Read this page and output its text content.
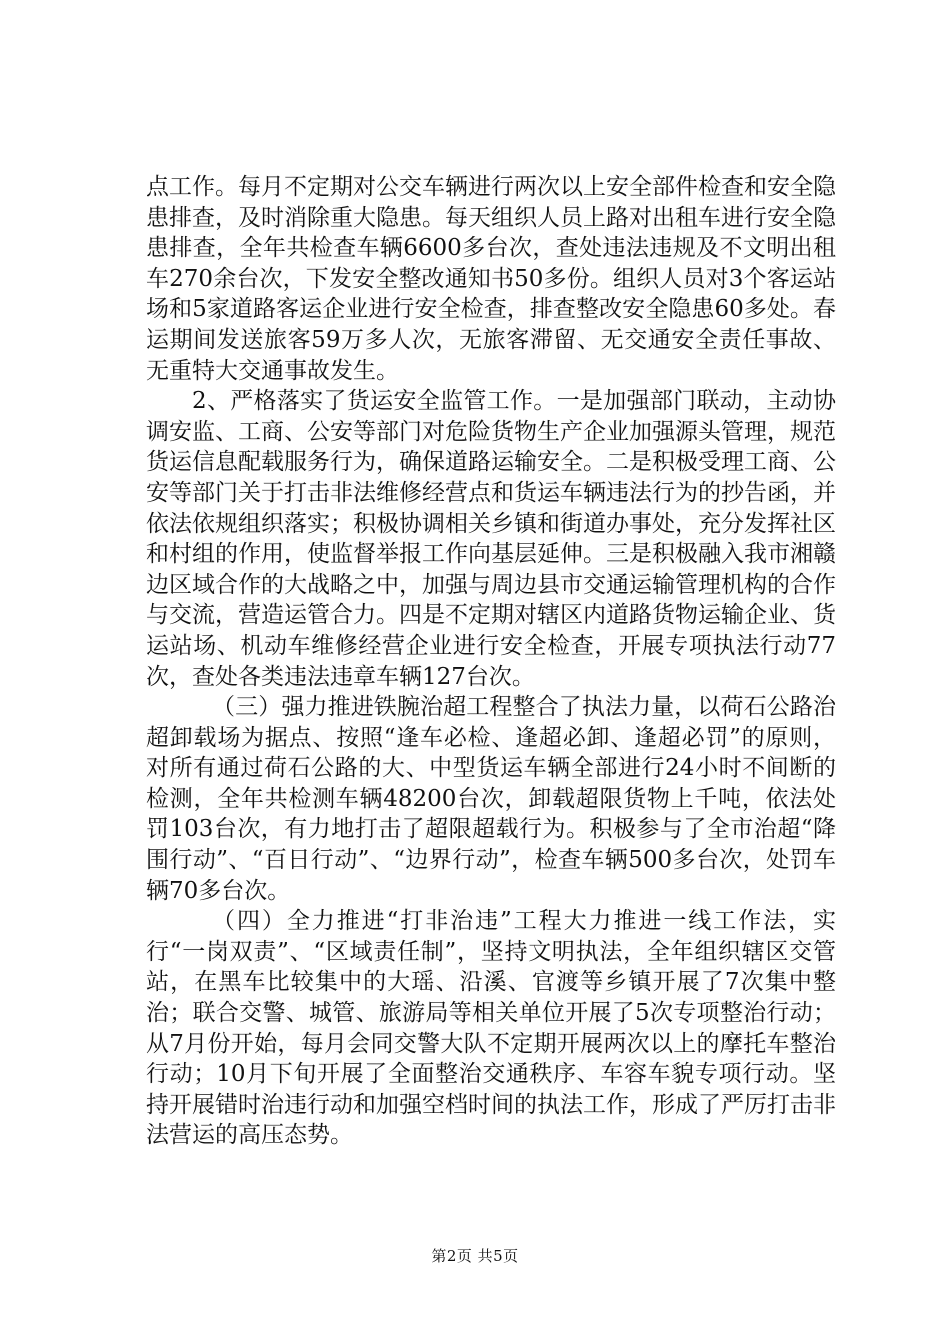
点工作。每月不定期对公交车辆进行两次以上安全部件检查和安全隐患排查，及时消除重大隐患。每天组织人员上路对出租车进行安全隐患排查，全年共检查车辆6600多台次，查处违法违规及不文明出租车270余台次，下发安全整改通知书50多份。组织人员对3个客运站场和5家道路客运企业进行安全检查，排查整改安全隐患60多处。春运期间发送旅客59万多人次，无旅客滞留、无交通安全责任事故、无重特大交通事故发生。

2、严格落实了货运安全监管工作。一是加强部门联动，主动协调安监、工商、公安等部门对危险货物生产企业加强源头管理，规范货运信息配载服务行为，确保道路运输安全。二是积极受理工商、公安等部门关于打击非法维修经营点和货运车辆违法行为的抄告函，并依法依规组织落实；积极协调相关乡镇和街道办事处，充分发挥社区和村组的作用，使监督举报工作向基层延伸。三是积极融入我市湘赣边区域合作的大战略之中，加强与周边县市交通运输管理机构的合作与交流，营造运管合力。四是不定期对辖区内道路货物运输企业、货运站场、机动车维修经营企业进行安全检查，开展专项执法行动77次，查处各类违法违章车辆127台次。

（三）强力推进铁腕治超工程整合了执法力量，以荷石公路治超卸载场为据点、按照“逢车必检、逢超必卸、逢超必罚”的原则，对所有通过荷石公路的大、中型货运车辆全部进行24小时不间断的检测，全年共检测车辆48200台次，卸载超限货物上千吨，依法处罚103台次，有力地打击了超限超载行为。积极参与了全市治超“降围行动”、“百日行动”、“边界行动”，检查车辆500多台次，处罚车辆70多台次。

（四）全力推进“打非治违”工程大力推进一线工作法，实行“一岗双责”、“区域责任制”，坚持文明执法，全年组织辖区交管站，在黑车比较集中的大瑶、沿溪、官渡等乡镇开展了7次集中整治；联合交警、城管、旅游局等相关单位开展了5次专项整治行动；从7月份开始，每月会同交警大队不定期开展两次以上的摩托车整治行动；10月下旬开展了全面整治交通秩序、车容车貌专项行动。坚持开展错时治违行动和加强空档时间的执法工作，形成了严厉打击非法营运的高压态势。

第2页 共5页
